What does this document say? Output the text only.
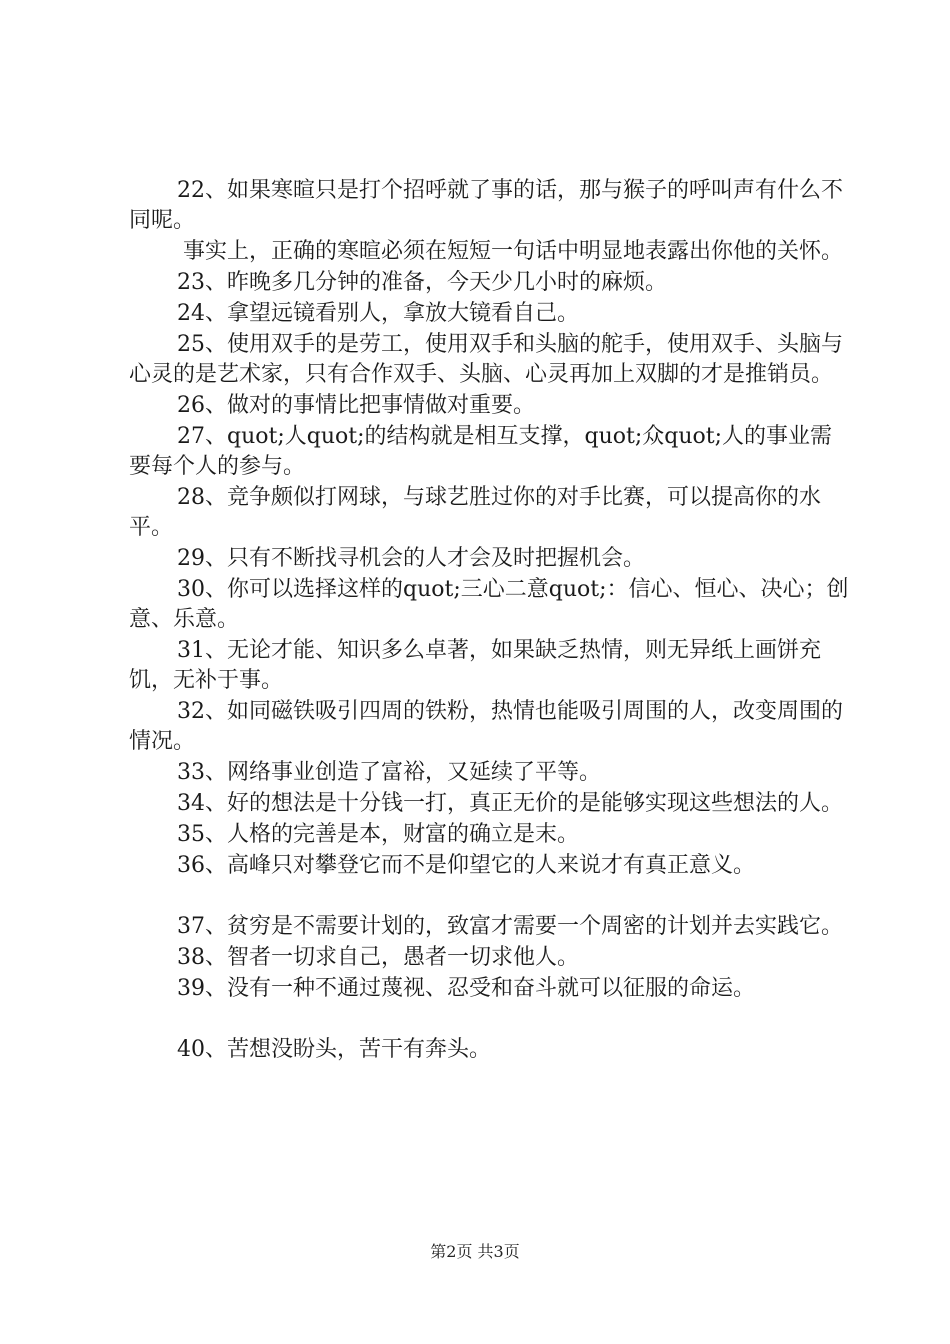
22、如果寒暄只是打个招呼就了事的话，那与猴子的呼叫声有什么不同呢。

事实上，正确的寒暄必须在短短一句话中明显地表露出你他的关怀。

23、昨晚多几分钟的准备，今天少几小时的麻烦。

24、拿望远镜看别人，拿放大镜看自己。

25、使用双手的是劳工，使用双手和头脑的舵手，使用双手、头脑与心灵的是艺术家，只有合作双手、头脑、心灵再加上双脚的才是推销员。

26、做对的事情比把事情做对重要。

27、quot;人quot;的结构就是相互支撑，quot;众quot;人的事业需要每个人的参与。

28、竞争颇似打网球，与球艺胜过你的对手比赛，可以提高你的水平。

29、只有不断找寻机会的人才会及时把握机会。

30、你可以选择这样的quot;三心二意quot;：信心、恒心、决心；创意、乐意。

31、无论才能、知识多么卓著，如果缺乏热情，则无异纸上画饼充饥，无补于事。

32、如同磁铁吸引四周的铁粉，热情也能吸引周围的人，改变周围的情况。

33、网络事业创造了富裕，又延续了平等。

34、好的想法是十分钱一打，真正无价的是能够实现这些想法的人。

35、人格的完善是本，财富的确立是末。

36、高峰只对攀登它而不是仰望它的人来说才有真正意义。

37、贫穷是不需要计划的，致富才需要一个周密的计划并去实践它。

38、智者一切求自己，愚者一切求他人。

39、没有一种不通过蔑视、忍受和奋斗就可以征服的命运。

40、苦想没盼头，苦干有奔头。

第2页 共3页
